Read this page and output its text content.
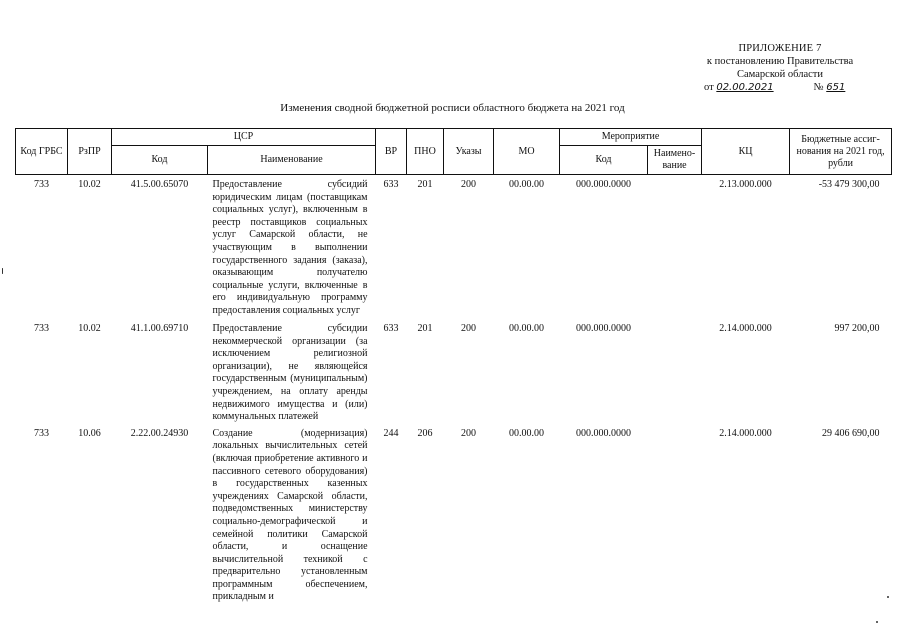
ПРИЛОЖЕНИЕ 7
к постановлению Правительства
Самарской области
от 02.00.2021	№ 651
Изменения сводной бюджетной росписи областного бюджета на 2021 год
Код ГРБС	РзПР	ЦСР		ВР	ПНО	Указы	МО	Мероприятие		КЦ	Бюджетные ассиг-нования на 2021 год, рубли
		Код	Наименование					Код	Наимено-вание		
733	10.02	41.5.00.65070	Предоставление субсидий юридическим лицам (поставщикам социальных услуг), включенным в реестр поставщиков социальных услуг Самарской области, не участвующим в выполнении государственного задания (заказа), оказывающим получателю социальные услуги, включенные в его индивидуальную программу предоставления социальных услуг	633	201	200	00.00.00	000.000.0000		2.13.000.000	-53 479 300,00
733	10.02	41.1.00.69710	Предоставление субсидии некоммерческой организации (за исключением религиозной организации), не являющейся государственным (муниципальным) учреждением, на оплату аренды недвижимого имущества и (или) коммунальных платежей	633	201	200	00.00.00	000.000.0000		2.14.000.000	997 200,00
733	10.06	2.22.00.24930	Создание (модернизация) локальных вычислительных сетей (включая приобретение активного и пассивного сетевого оборудования) в государственных казенных учреждениях Самарской области, подведомственных министерству социально-демографической и семейной политики Самарской области, и оснащение вычислительной техникой с предварительно установленным программным обеспечением, прикладным и	244	206	200	00.00.00	000.000.0000		2.14.000.000	29 406 690,00
